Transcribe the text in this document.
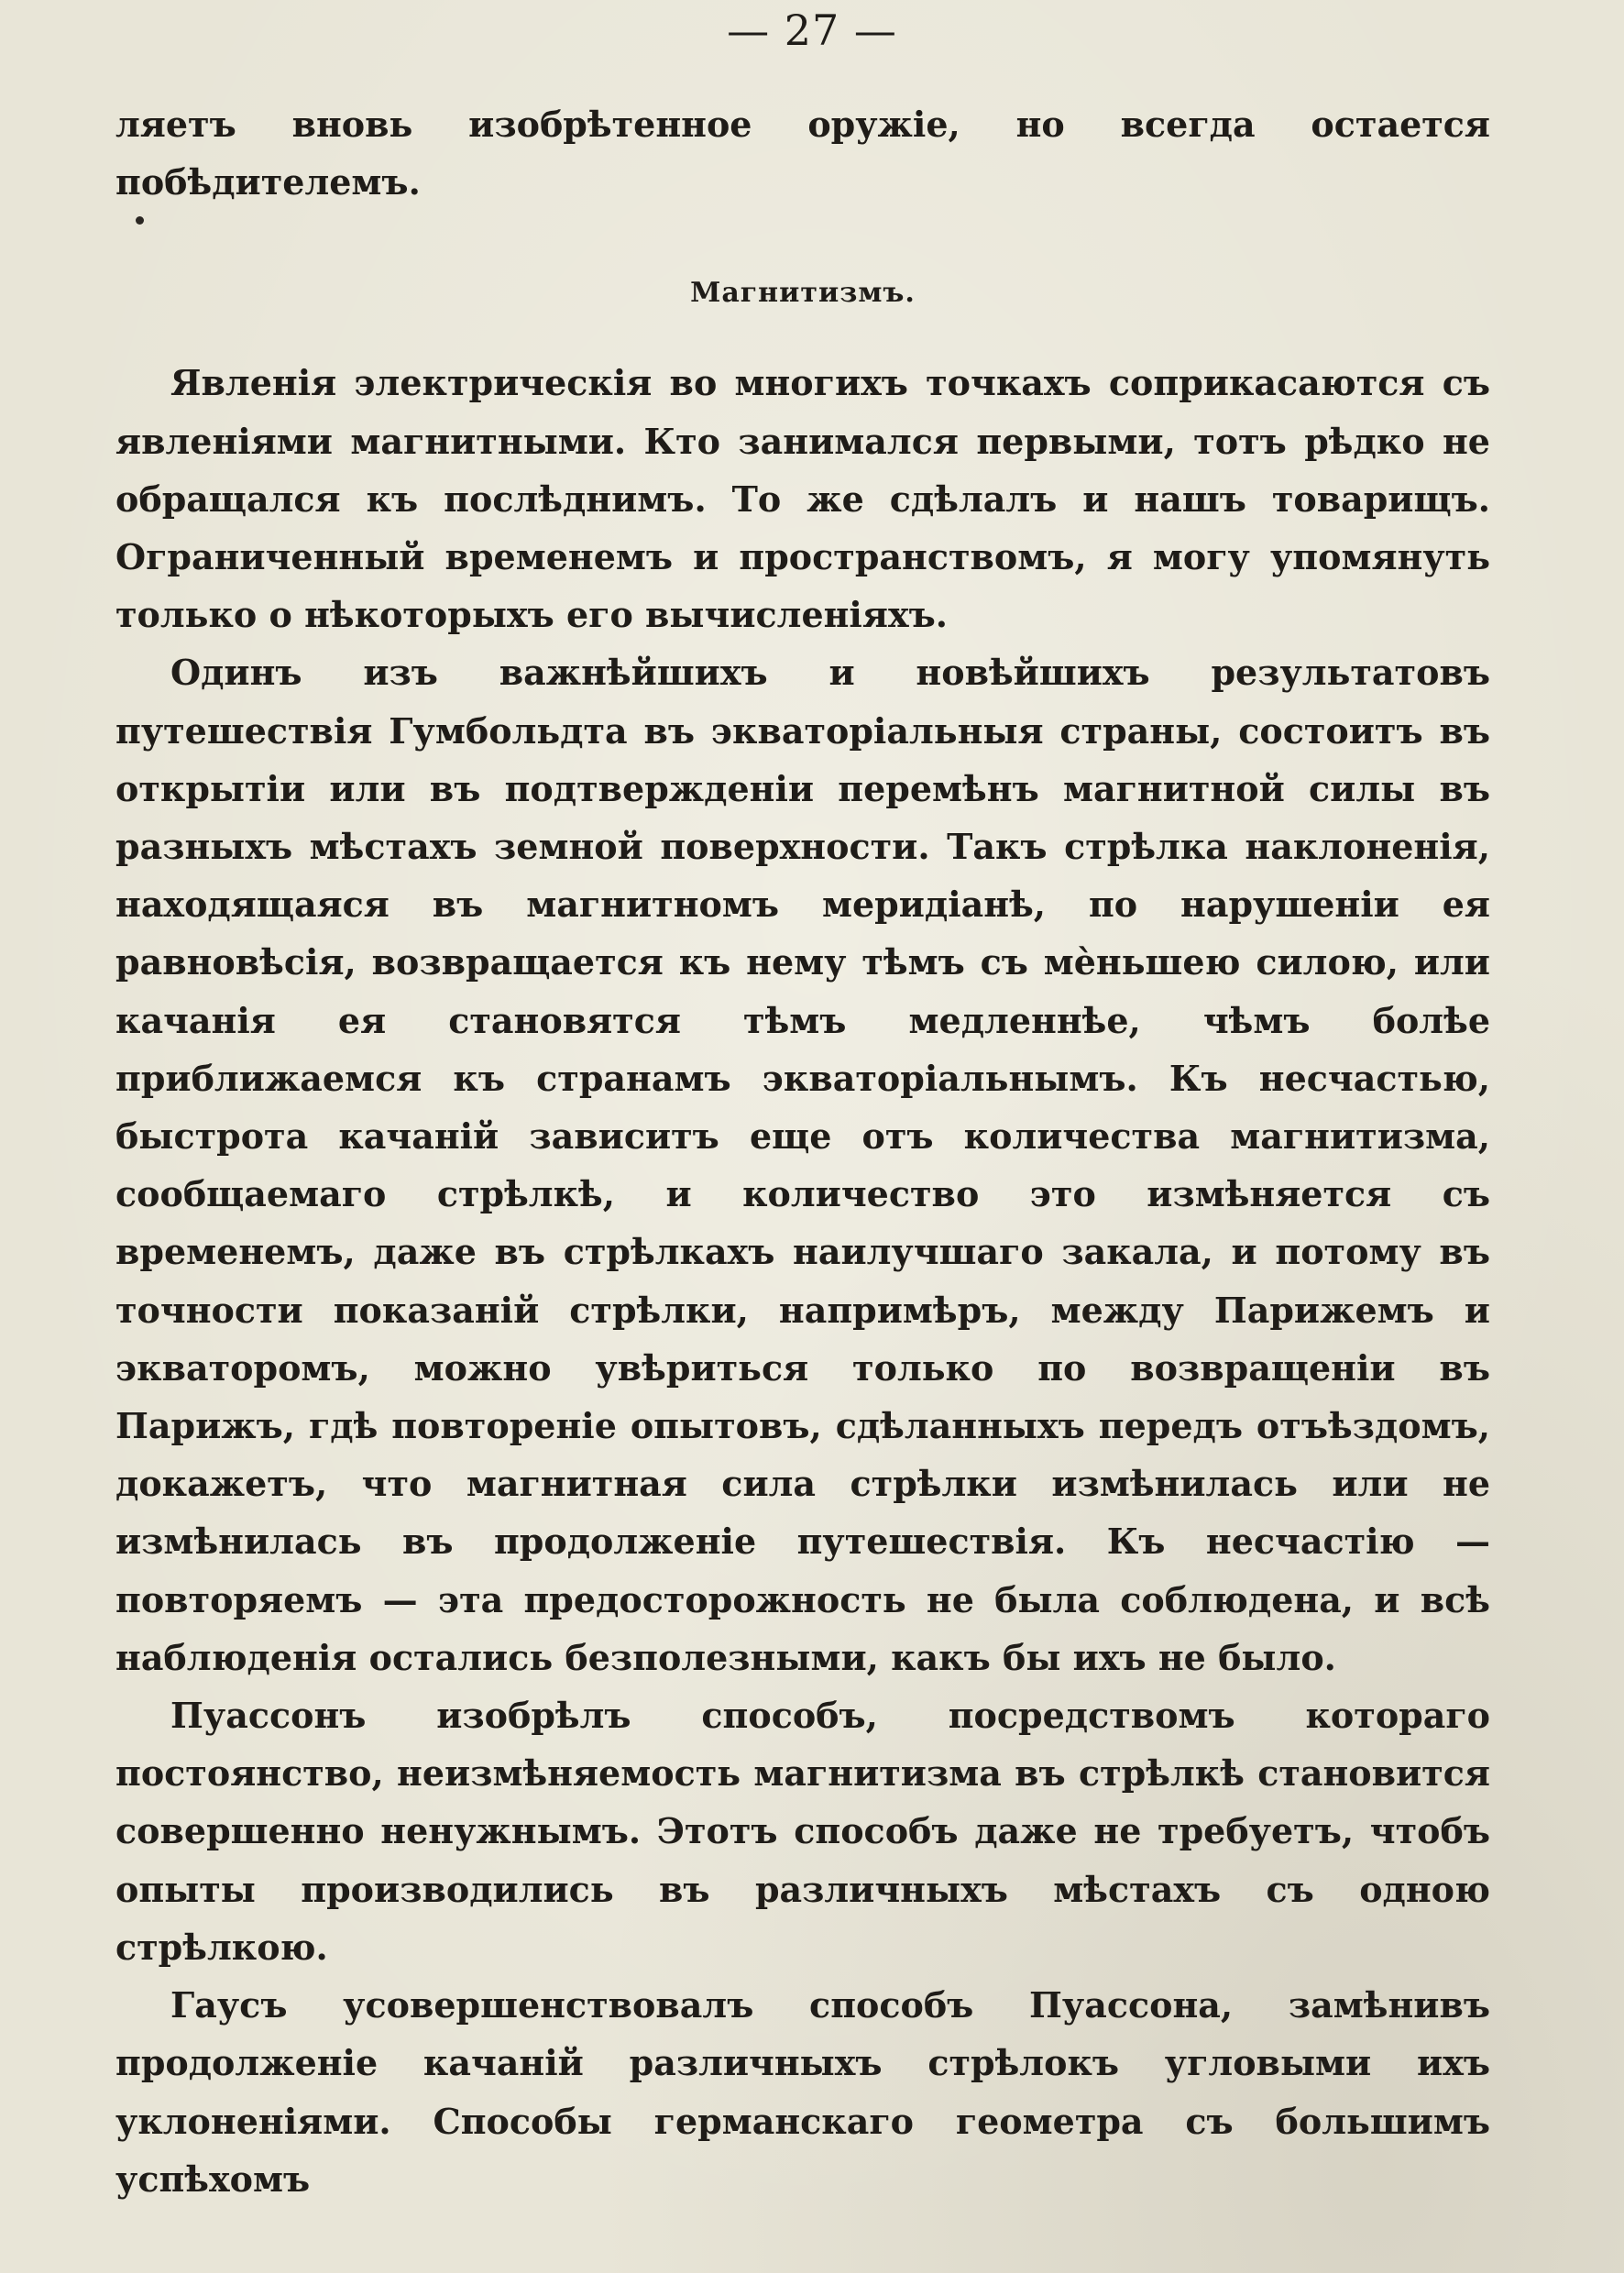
— 27 —

ляетъ вновь изобрѣтенное оружіе, но всегда остается побѣдителемъ.

Магнитизмъ.

Явленія электрическія во многихъ точкахъ соприкасаются съ явленіями магнитными. Кто занимался первыми, тотъ рѣдко не обращался къ послѣднимъ. То же сдѣлалъ и нашъ товарищъ. Ограниченный временемъ и пространствомъ, я могу упомянуть только о нѣкоторыхъ его вычисленіяхъ.

Одинъ изъ важнѣйшихъ и новѣйшихъ результатовъ путешествія Гумбольдта въ экваторіальныя страны, состоитъ въ открытіи или въ подтвержденіи перемѣнъ магнитной силы въ разныхъ мѣстахъ земной поверхности. Такъ стрѣлка наклоненія, находящаяся въ магнитномъ меридіанѣ, по нарушеніи ея равновѣсія, возвращается къ нему тѣмъ съ мѐньшею силою, или качанія ея становятся тѣмъ медленнѣе, чѣмъ болѣе приближаемся къ странамъ экваторіальнымъ. Къ несчастью, быстрота качаній зависитъ еще отъ количества магнитизма, сообщаемаго стрѣлкѣ, и количество это измѣняется съ временемъ, даже въ стрѣлкахъ наилучшаго закала, и потому въ точности показаній стрѣлки, напримѣръ, между Парижемъ и экваторомъ, можно увѣриться только по возвращеніи въ Парижъ, гдѣ повтореніе опытовъ, сдѣланныхъ передъ отъѣздомъ, докажетъ, что магнитная сила стрѣлки измѣнилась или не измѣнилась въ продолженіе путешествія. Къ несчастію — повторяемъ — эта предосторожность не была соблюдена, и всѣ наблюденія остались безполезными, какъ бы ихъ не было.

Пуассонъ изобрѣлъ способъ, посредствомъ котораго постоянство, неизмѣняемость магнитизма въ стрѣлкѣ становится совершенно ненужнымъ. Этотъ способъ даже не требуетъ, чтобъ опыты производились въ различныхъ мѣстахъ съ одною стрѣлкою.

Гаусъ усовершенствовалъ способъ Пуассона, замѣнивъ продолженіе качаній различныхъ стрѣлокъ угловыми ихъ уклоненіями. Способы германскаго геометра съ большимъ успѣхомъ
